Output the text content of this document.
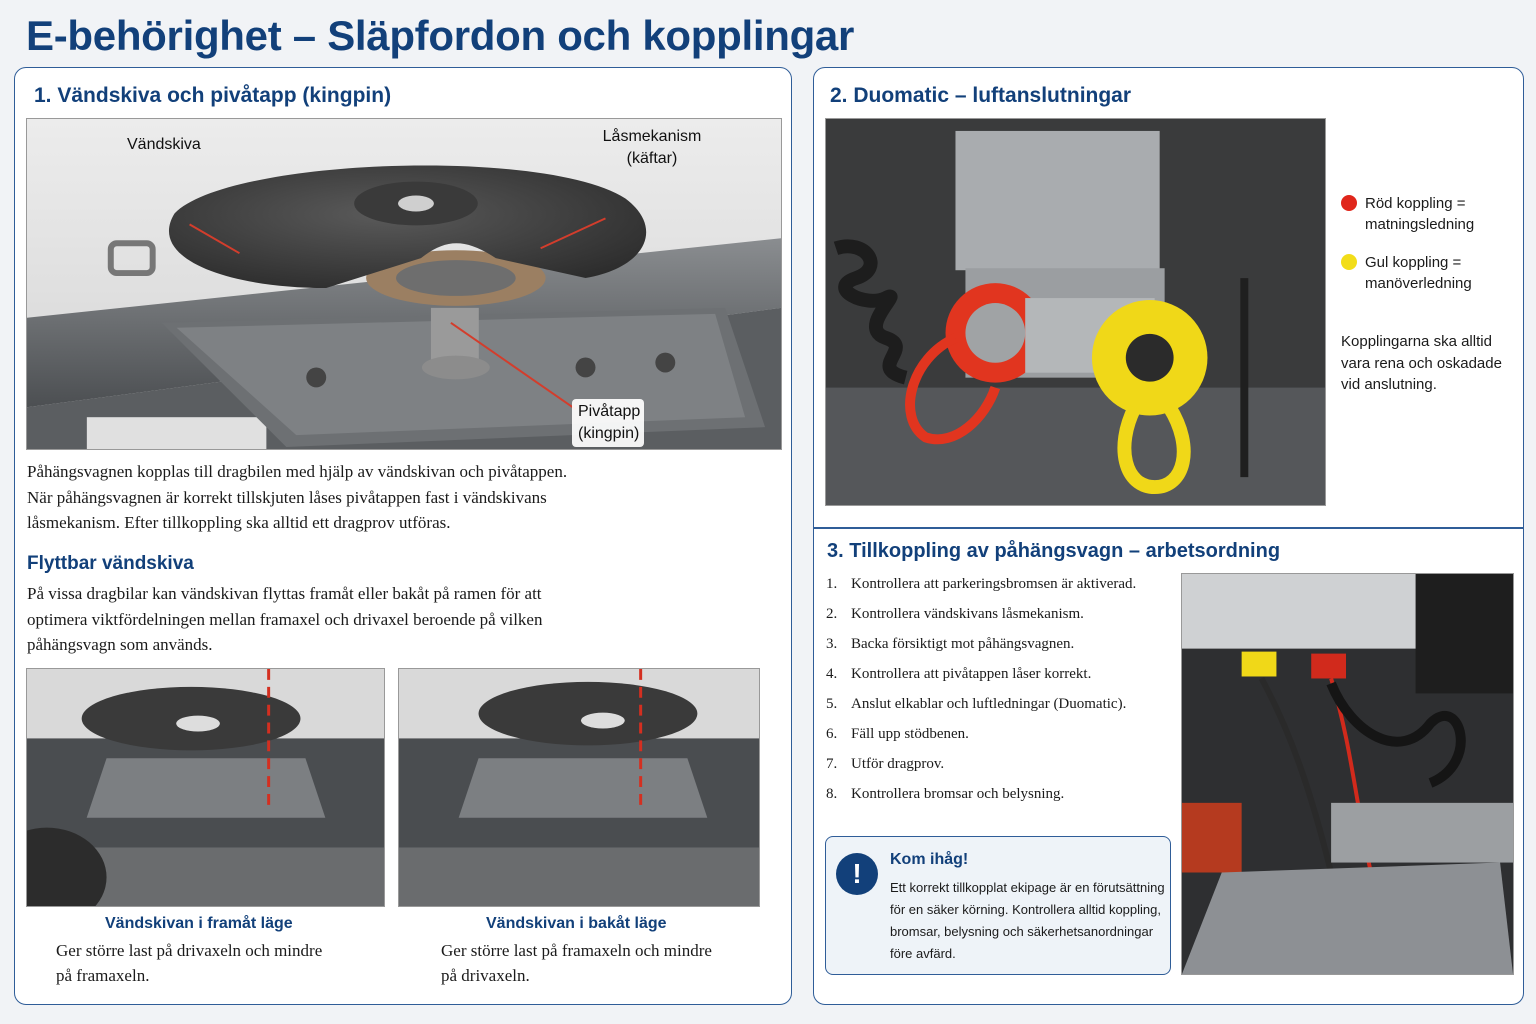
E-behörighet – Släpfordon och kopplingar
1. Vändskiva och pivåtapp (kingpin)
Vändskiva	Låsmekanism
(käftar)
Pivåtapp
(kingpin)
Påhängsvagnen kopplas till dragbilen med hjälp av vändskivan och pivåtappen.
När påhängsvagnen är korrekt tillskjuten låses pivåtappen fast i vändskivans
låsmekanism. Efter tillkoppling ska alltid ett dragprov utföras.
Flyttbar vändskiva
På vissa dragbilar kan vändskivan flyttas framåt eller bakåt på ramen för att
optimera viktfördelningen mellan framaxel och drivaxel beroende på vilken
påhängsvagn som används.
Vändskivan i framåt läge
Ger större last på drivaxeln och mindre
på framaxeln.
Vändskivan i bakåt läge
Ger större last på framaxeln och mindre
på drivaxeln.
2. Duomatic – luftanslutningar
Röd koppling =
matningsledning
Gul koppling =
manöverledning
Kopplingarna ska alltid
vara rena och oskadade
vid anslutning.
3. Tillkoppling av påhängsvagn – arbetsordning
1. Kontrollera att parkeringsbromsen är aktiverad.
2. Kontrollera vändskivans låsmekanism.
3. Backa försiktigt mot påhängsvagnen.
4. Kontrollera att pivåtappen låser korrekt.
5. Anslut elkablar och luftledningar (Duomatic).
6. Fäll upp stödbenen.
7. Utför dragprov.
8. Kontrollera bromsar och belysning.
!	Kom ihåg!
Ett korrekt tillkopplat ekipage är en förutsättning
för en säker körning. Kontrollera alltid koppling,
bromsar, belysning och säkerhetsanordningar
före avfärd.
